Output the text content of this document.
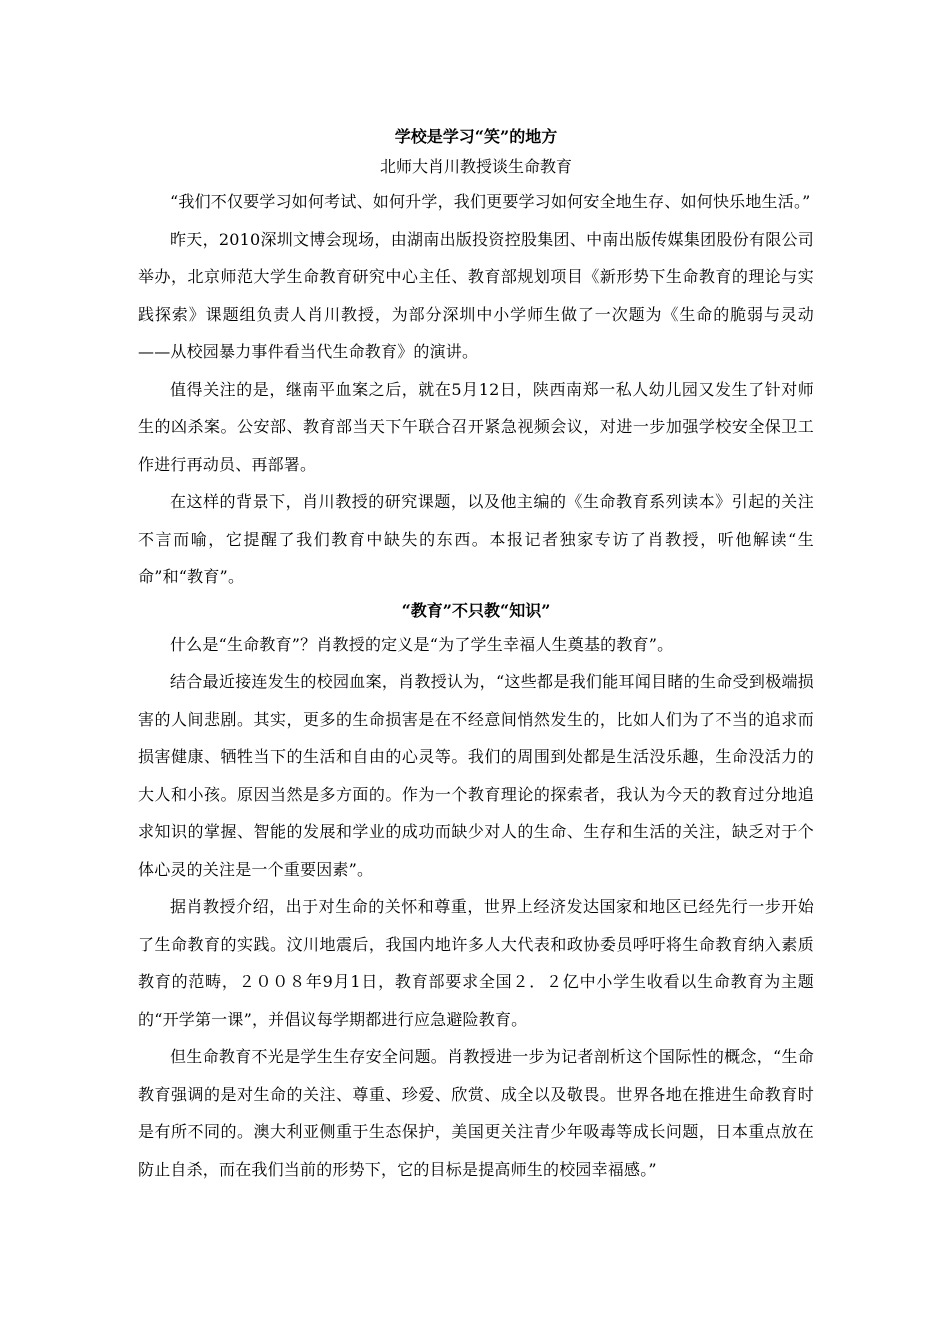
学校是学习“笑”的地方

北师大肖川教授谈生命教育

“我们不仅要学习如何考试、如何升学，我们更要学习如何安全地生存、如何快乐地生活。”

昨天，2010深圳文博会现场，由湖南出版投资控股集团、中南出版传媒集团股份有限公司举办，北京师范大学生命教育研究中心主任、教育部规划项目《新形势下生命教育的理论与实践探索》课题组负责人肖川教授，为部分深圳中小学师生做了一次题为《生命的脆弱与灵动——从校园暴力事件看当代生命教育》的演讲。

值得关注的是，继南平血案之后，就在5月12日，陕西南郑一私人幼儿园又发生了针对师生的凶杀案。公安部、教育部当天下午联合召开紧急视频会议，对进一步加强学校安全保卫工作进行再动员、再部署。

在这样的背景下，肖川教授的研究课题，以及他主编的《生命教育系列读本》引起的关注不言而喻，它提醒了我们教育中缺失的东西。本报记者独家专访了肖教授，听他解读“生命”和“教育”。

“教育”不只教“知识”

什么是“生命教育”？肖教授的定义是“为了学生幸福人生奠基的教育”。

结合最近接连发生的校园血案，肖教授认为，“这些都是我们能耳闻目睹的生命受到极端损害的人间悲剧。其实，更多的生命损害是在不经意间悄然发生的，比如人们为了不当的追求而损害健康、牺牲当下的生活和自由的心灵等。我们的周围到处都是生活没乐趣，生命没活力的大人和小孩。原因当然是多方面的。作为一个教育理论的探索者，我认为今天的教育过分地追求知识的掌握、智能的发展和学业的成功而缺少对人的生命、生存和生活的关注，缺乏对于个体心灵的关注是一个重要因素”。

据肖教授介绍，出于对生命的关怀和尊重，世界上经济发达国家和地区已经先行一步开始了生命教育的实践。汶川地震后，我国内地许多人大代表和政协委员呼吁将生命教育纳入素质教育的范畴，２００８年9月1日，教育部要求全国２．２亿中小学生收看以生命教育为主题的“开学第一课”，并倡议每学期都进行应急避险教育。

但生命教育不光是学生生存安全问题。肖教授进一步为记者剖析这个国际性的概念，“生命教育强调的是对生命的关注、尊重、珍爱、欣赏、成全以及敬畏。世界各地在推进生命教育时是有所不同的。澳大利亚侧重于生态保护，美国更关注青少年吸毒等成长问题，日本重点放在防止自杀，而在我们当前的形势下，它的目标是提高师生的校园幸福感。”
